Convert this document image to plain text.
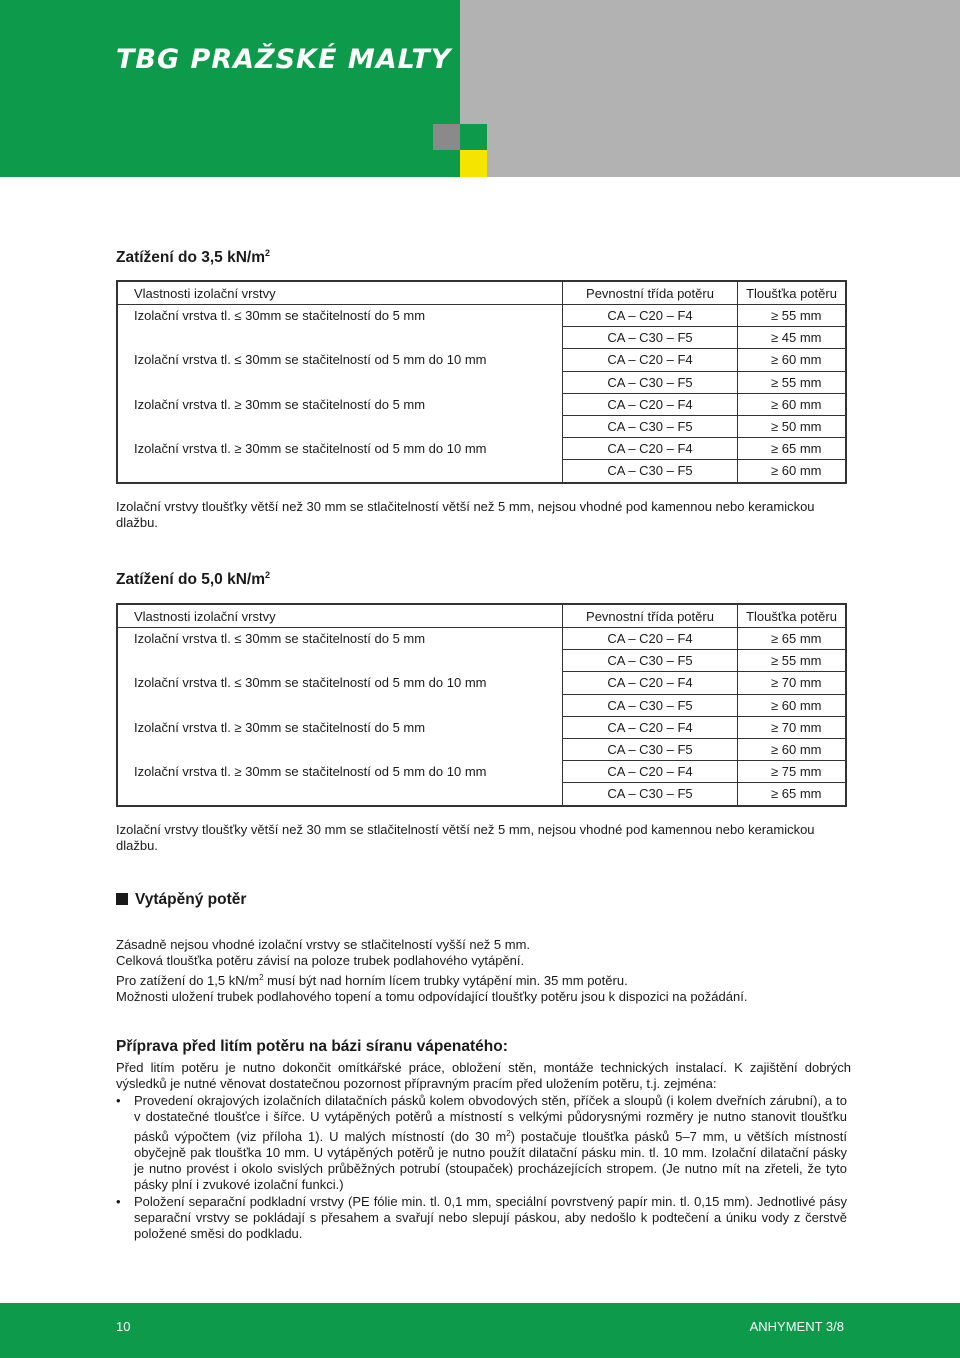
TBG PRAŽSKÉ MALTY
Zatížení do 3,5 $kN/m^2$
Vlastnosti izolační vrstvy	Pevnostní třída potěru	Tloušťka potěru
Izolační vrstva tl. ≤ 30mm se stačitelností do 5 mm	CA – C20 – F4	≥ 55 mm
	CA – C30 – F5	≥ 45 mm
Izolační vrstva tl. ≤ 30mm se stačitelností od 5 mm do 10 mm	CA – C20 – F4	≥ 60 mm
	CA – C30 – F5	≥ 55 mm
Izolační vrstva tl. ≥ 30mm se stačitelností do 5 mm	CA – C20 – F4	≥ 60 mm
	CA – C30 – F5	≥ 50 mm
Izolační vrstva tl. ≥ 30mm se stačitelností od 5 mm do 10 mm	CA – C20 – F4	≥ 65 mm
	CA – C30 – F5	≥ 60 mm

Izolační vrstvy tloušťky větší než 30 mm se stlačitelností větší než 5 mm, nejsou vhodné pod kamennou nebo keramickou dlažbu.

Zatížení do 5,0 $kN/m^2$
Vlastnosti izolační vrstvy	Pevnostní třída potěru	Tloušťka potěru
Izolační vrstva tl. ≤ 30mm se stačitelností do 5 mm	CA – C20 – F4	≥ 65 mm
	CA – C30 – F5	≥ 55 mm
Izolační vrstva tl. ≤ 30mm se stačitelností od 5 mm do 10 mm	CA – C20 – F4	≥ 70 mm
	CA – C30 – F5	≥ 60 mm
Izolační vrstva tl. ≥ 30mm se stačitelností do 5 mm	CA – C20 – F4	≥ 70 mm
	CA – C30 – F5	≥ 60 mm
Izolační vrstva tl. ≥ 30mm se stačitelností od 5 mm do 10 mm	CA – C20 – F4	≥ 75 mm
	CA – C30 – F5	≥ 65 mm

Izolační vrstvy tloušťky větší než 30 mm se stlačitelností větší než 5 mm, nejsou vhodné pod kamennou nebo keramickou dlažbu.

Vytápěný potěr
Zásadně nejsou vhodné izolační vrstvy se stlačitelností vyšší než 5 mm.
Celková tloušťka potěru závisí na poloze trubek podlahového vytápění.
Pro zatížení do 1,5 $kN/m^2$ musí být nad horním lícem trubky vytápění min. 35 mm potěru.
Možnosti uložení trubek podlahového topení a tomu odpovídající tloušťky potěru jsou k dispozici na požádání.
Příprava před litím potěru na bázi síranu vápenatého:

Před litím potěru je nutno dokončit omítkářské práce, obložení stěn, montáže technických instalací. K zajištění dobrých výsledků je nutné věnovat dostatečnou pozornost přípravným pracím před uložením potěru, t.j. zejména:

• Provedení okrajových izolačních dilatačních pásků kolem obvodových stěn, příček a sloupů (i kolem dveřních zárubní), a to v dostatečné tloušťce i šířce. U vytápěných potěrů a místností s velkými půdorysnými rozměry je nutno stanovit tloušťku pásků výpočtem (viz příloha 1). U malých místností (do 30 $m^2$) postačuje tloušťka pásků 5–7 mm, u větších místností obyčejně pak tloušťka 10 mm. U vytápěných potěrů je nutno použít dilatační pásku min. tl. 10 mm. Izolační dilatační pásky je nutno provést i okolo svislých průběžných potrubí (stoupaček) procházejících stropem. (Je nutno mít na zřeteli, že tyto pásky plní i zvukové izolační funkci.)
• Položení separační podkladní vrstvy (PE fólie min. tl. 0,1 mm, speciální povrstvený papír min. tl. 0,15 mm). Jednotlivé pásy separační vrstvy se pokládají s přesahem a svařují nebo slepují páskou, aby nedošlo k podtečení a úniku vody z čerstvě položené směsi do podkladu.
10	ANHYMENT 3/8
